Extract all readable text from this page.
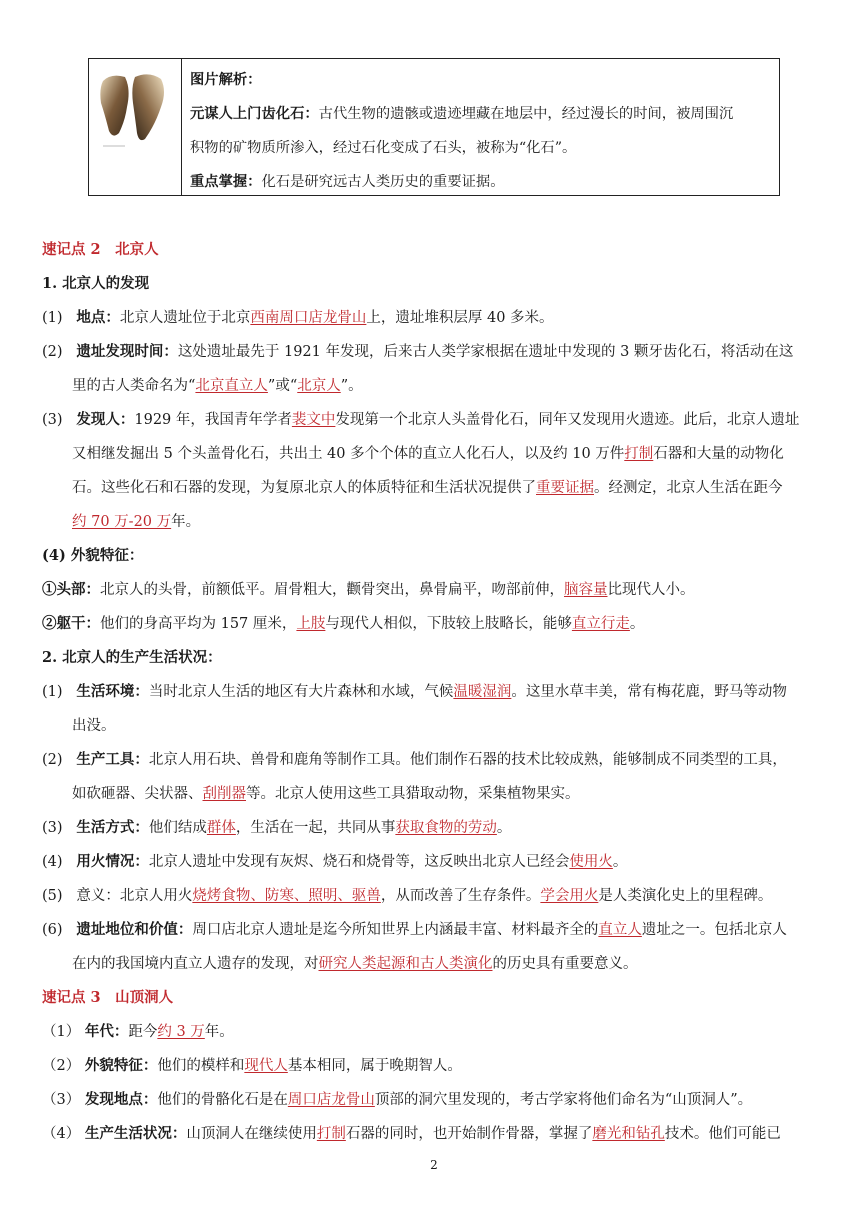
图片解析：
元谋人上门齿化石：古代生物的遗骸或遗迹埋藏在地层中，经过漫长的时间，被周围沉
积物的矿物质所渗入，经过石化变成了石头，被称为“化石”。
重点掌握：化石是研究远古人类历史的重要证据。
速记点 2　北京人
1. 北京人的发现
(1) 地点：北京人遗址位于北京西南周口店龙骨山上，遗址堆积层厚 40 多米。
(2) 遗址发现时间：这处遗址最先于 1921 年发现，后来古人类学家根据在遗址中发现的 3 颗牙齿化石，将活动在这
里的古人类命名为“北京直立人”或“北京人”。
(3) 发现人：1929 年，我国青年学者裴文中发现第一个北京人头盖骨化石，同年又发现用火遗迹。此后，北京人遗址
又相继发掘出 5 个头盖骨化石，共出土 40 多个个体的直立人化石人，以及约 10 万件打制石器和大量的动物化
石。这些化石和石器的发现，为复原北京人的体质特征和生活状况提供了重要证据。经测定，北京人生活在距今
约 70 万-20 万年。
(4) 外貌特征：
①头部：北京人的头骨，前额低平。眉骨粗大，颧骨突出，鼻骨扁平，吻部前伸，脑容量比现代人小。
②躯干：他们的身高平均为 157 厘米，上肢与现代人相似，下肢较上肢略长，能够直立行走。
2. 北京人的生产生活状况：
(1) 生活环境：当时北京人生活的地区有大片森林和水域，气候温暖湿润。这里水草丰美，常有梅花鹿，野马等动物
出没。
(2) 生产工具：北京人用石块、兽骨和鹿角等制作工具。他们制作石器的技术比较成熟，能够制成不同类型的工具，
如砍砸器、尖状器、刮削器等。北京人使用这些工具猎取动物，采集植物果实。
(3) 生活方式：他们结成群体，生活在一起，共同从事获取食物的劳动。
(4) 用火情况：北京人遗址中发现有灰烬、烧石和烧骨等，这反映出北京人已经会使用火。
(5) 意义：北京人用火烧烤食物、防寒、照明、驱兽，从而改善了生存条件。学会用火是人类演化史上的里程碑。
(6) 遗址地位和价值：周口店北京人遗址是迄今所知世界上内涵最丰富、材料最齐全的直立人遗址之一。包括北京人
在内的我国境内直立人遗存的发现，对研究人类起源和古人类演化的历史具有重要意义。
速记点 3　山顶洞人
（1） 年代：距今约 3 万年。
（2） 外貌特征：他们的模样和现代人基本相同，属于晚期智人。
（3） 发现地点：他们的骨骼化石是在周口店龙骨山顶部的洞穴里发现的，考古学家将他们命名为“山顶洞人”。
（4） 生产生活状况：山顶洞人在继续使用打制石器的同时，也开始制作骨器，掌握了磨光和钻孔技术。他们可能已
2
